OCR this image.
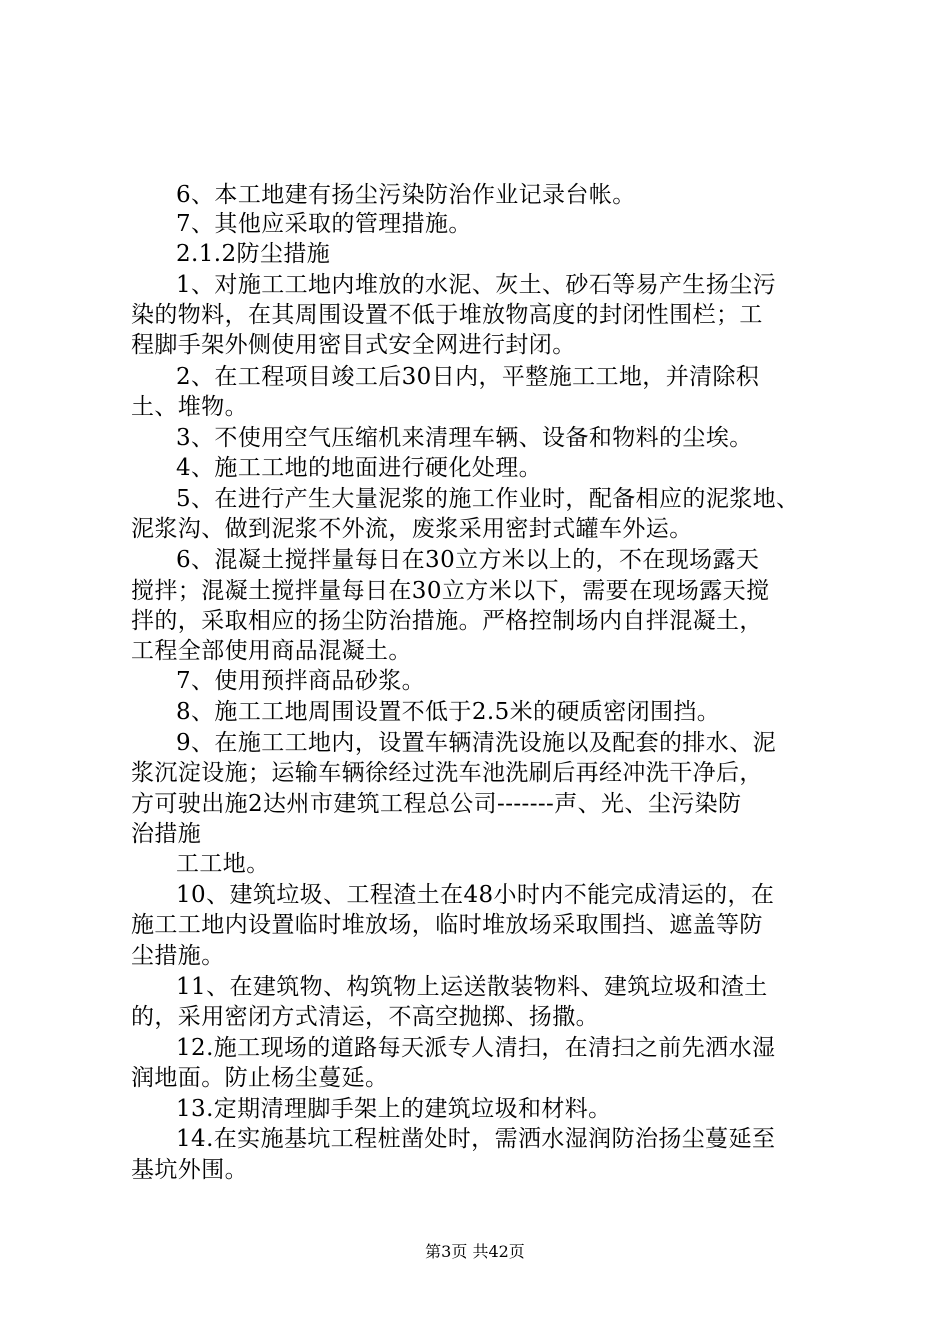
6、本工地建有扬尘污染防治作业记录台帐。
7、其他应采取的管理措施。
2.1.2防尘措施
1、对施工工地内堆放的水泥、灰土、砂石等易产生扬尘污
染的物料，在其周围设置不低于堆放物高度的封闭性围栏；工
程脚手架外侧使用密目式安全网进行封闭。
2、在工程项目竣工后30日内，平整施工工地，并清除积
土、堆物。
3、不使用空气压缩机来清理车辆、设备和物料的尘埃。
4、施工工地的地面进行硬化处理。
5、在进行产生大量泥浆的施工作业时，配备相应的泥浆地、
泥浆沟、做到泥浆不外流，废浆采用密封式罐车外运。
6、混凝土搅拌量每日在30立方米以上的，不在现场露天
搅拌；混凝土搅拌量每日在30立方米以下，需要在现场露天搅
拌的，采取相应的扬尘防治措施。严格控制场内自拌混凝土，
工程全部使用商品混凝土。
7、使用预拌商品砂浆。
8、施工工地周围设置不低于2.5米的硬质密闭围挡。
9、在施工工地内，设置车辆清洗设施以及配套的排水、泥
浆沉淀设施；运输车辆徐经过洗车池洗刷后再经冲洗干净后，
方可驶出施2达州市建筑工程总公司-------声、光、尘污染防
治措施
工工地。
10、建筑垃圾、工程渣土在48小时内不能完成清运的，在
施工工地内设置临时堆放场，临时堆放场采取围挡、遮盖等防
尘措施。
11、在建筑物、构筑物上运送散装物料、建筑垃圾和渣土
的，采用密闭方式清运，不高空抛掷、扬撒。
12.施工现场的道路每天派专人清扫，在清扫之前先洒水湿
润地面。防止杨尘蔓延。
13.定期清理脚手架上的建筑垃圾和材料。
14.在实施基坑工程桩凿处时，需洒水湿润防治扬尘蔓延至
基坑外围。
第3页 共42页
